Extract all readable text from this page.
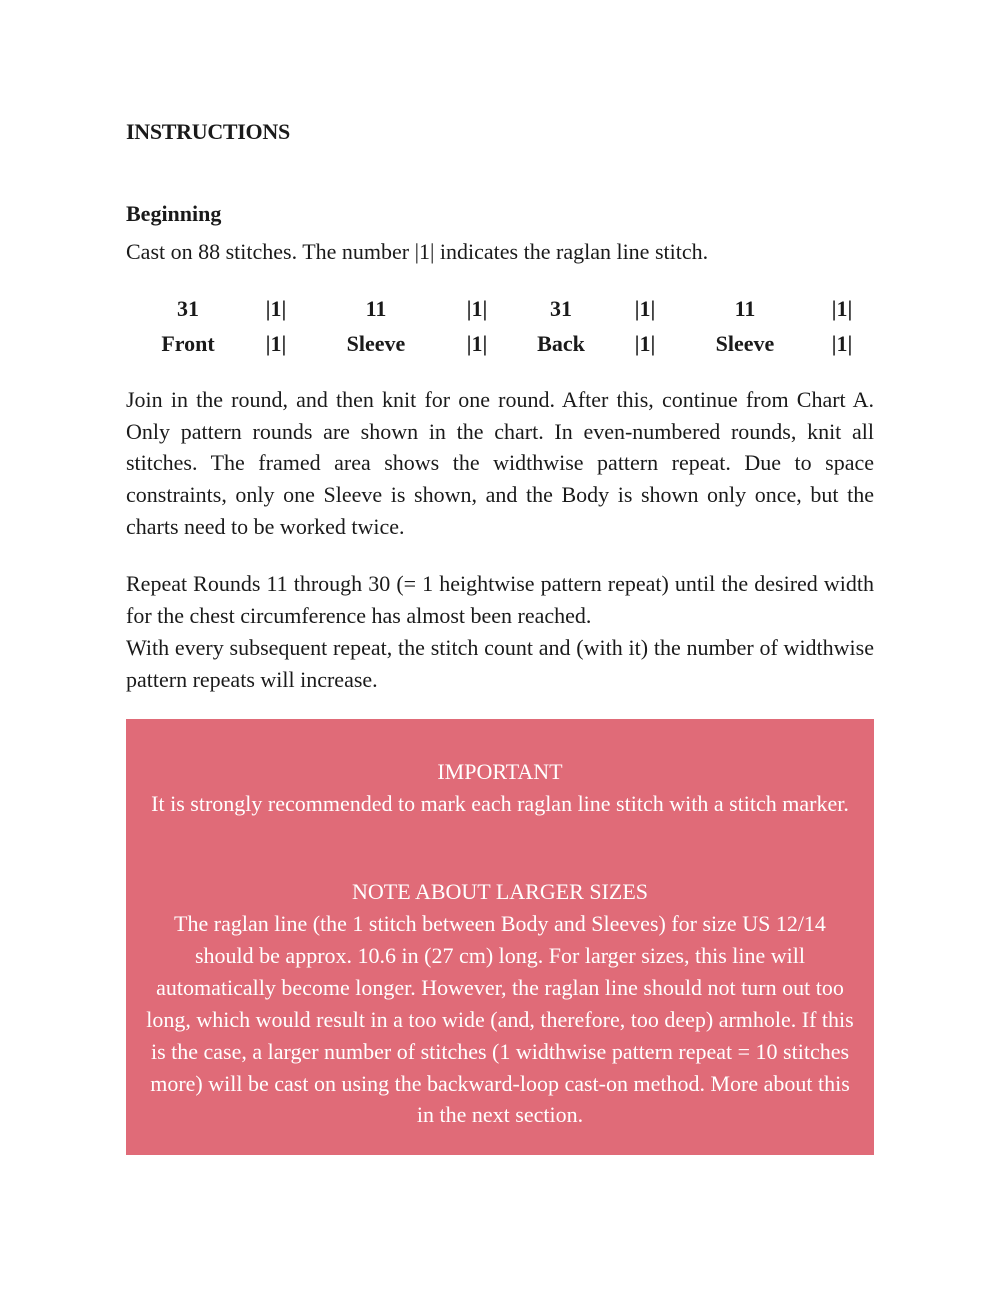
INSTRUCTIONS
Beginning

Cast on 88 stitches. The number |1| indicates the raglan line stitch.

31	|1|	11	|1|	31	|1|	11	|1|
Front	|1|	Sleeve	|1|	Back	|1|	Sleeve	|1|

Join in the round, and then knit for one round. After this, continue from Chart A. Only pattern rounds are shown in the chart. In even-numbered rounds, knit all stitches. The framed area shows the widthwise pattern repeat. Due to space constraints, only one Sleeve is shown, and the Body is shown only once, but the charts need to be worked twice.

Repeat Rounds 11 through 30 (= 1 heightwise pattern repeat) until the desired width for the chest circumference has almost been reached.

With every subsequent repeat, the stitch count and (with it) the number of widthwise pattern repeats will increase.

IMPORTANT

It is strongly recommended to mark each raglan line stitch with a stitch marker.

NOTE ABOUT LARGER SIZES

The raglan line (the 1 stitch between Body and Sleeves) for size US 12/14 should be approx. 10.6 in (27 cm) long. For larger sizes, this line will automatically become longer. However, the raglan line should not turn out too long, which would result in a too wide (and, therefore, too deep) armhole. If this is the case, a larger number of stitches (1 widthwise pattern repeat = 10 stitches more) will be cast on using the backward-loop cast-on method. More about this in the next section.
